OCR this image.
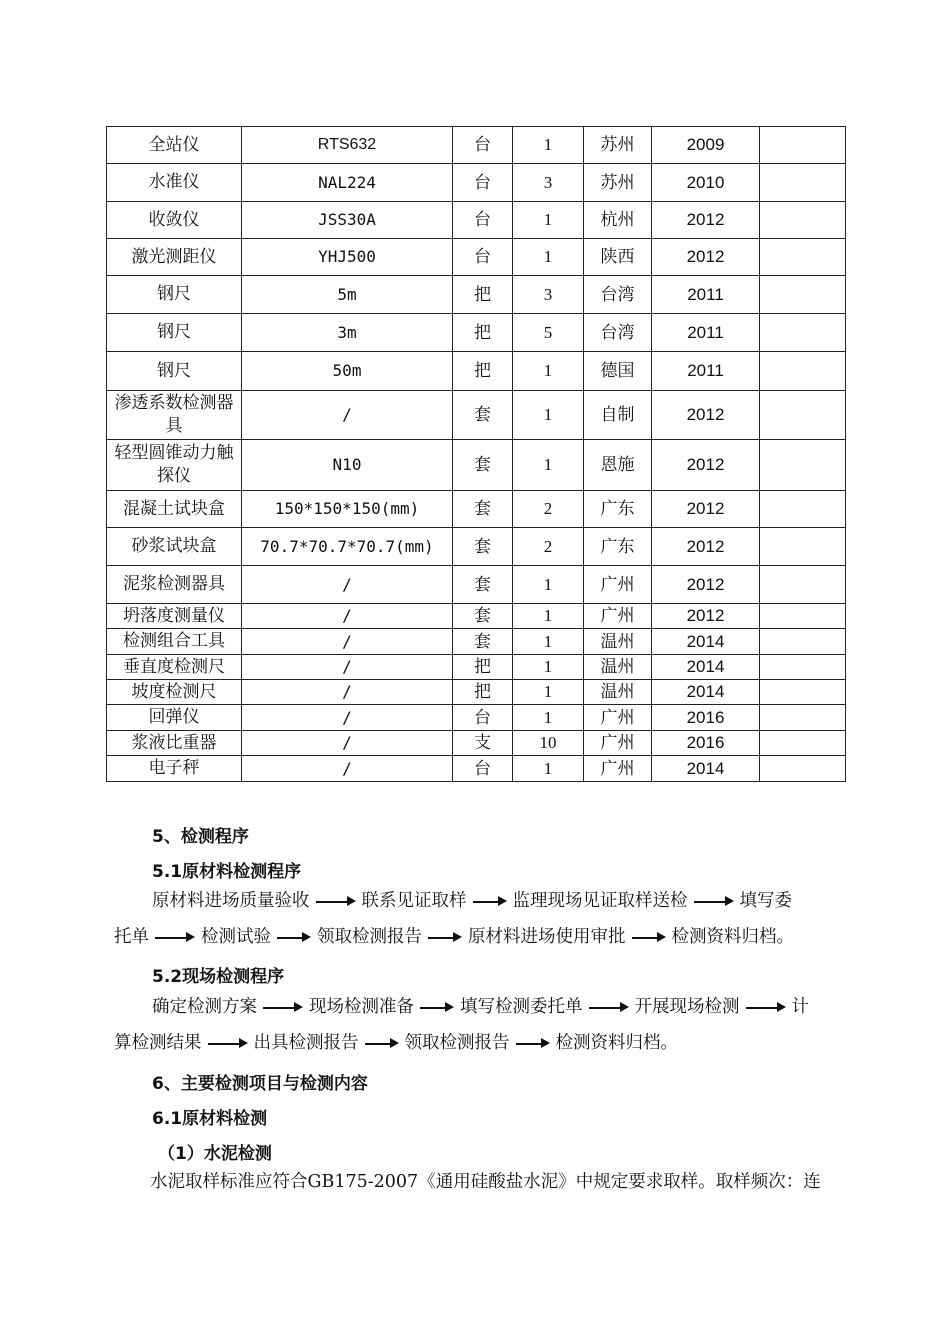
全站仪	RTS632	台	1	苏州	2009	
水准仪	NAL224	台	3	苏州	2010	
收敛仪	JSS30A	台	1	杭州	2012	
激光测距仪	YHJ500	台	1	陕西	2012	
钢尺	5m	把	3	台湾	2011	
钢尺	3m	把	5	台湾	2011	
钢尺	50m	把	1	德国	2011	
渗透系数检测器具	/	套	1	自制	2012	
轻型圆锥动力触探仪	N10	套	1	恩施	2012	
混凝土试块盒	150*150*150(mm)	套	2	广东	2012	
砂浆试块盒	70.7*70.7*70.7(mm)	套	2	广东	2012	
泥浆检测器具	/	套	1	广州	2012	
坍落度测量仪	/	套	1	广州	2012	
检测组合工具	/	套	1	温州	2014	
垂直度检测尺	/	把	1	温州	2014	
坡度检测尺	/	把	1	温州	2014	
回弹仪	/	台	1	广州	2016	
浆液比重器	/	支	10	广州	2016	
电子秤	/	台	1	广州	2014	
5、检测程序
5.1原材料检测程序
原材料进场质量验收	联系见证取样	监理现场见证取样送检	填写委
托单	检测试验	领取检测报告	原材料进场使用审批	检测资料归档。
5.2现场检测程序
确定检测方案	现场检测准备	填写检测委托单	开展现场检测	计
算检测结果	出具检测报告	领取检测报告	检测资料归档。
6、主要检测项目与检测内容
6.1原材料检测
（1）水泥检测
水泥取样标准应符合GB175-2007《通用硅酸盐水泥》中规定要求取样。取样频次：连
